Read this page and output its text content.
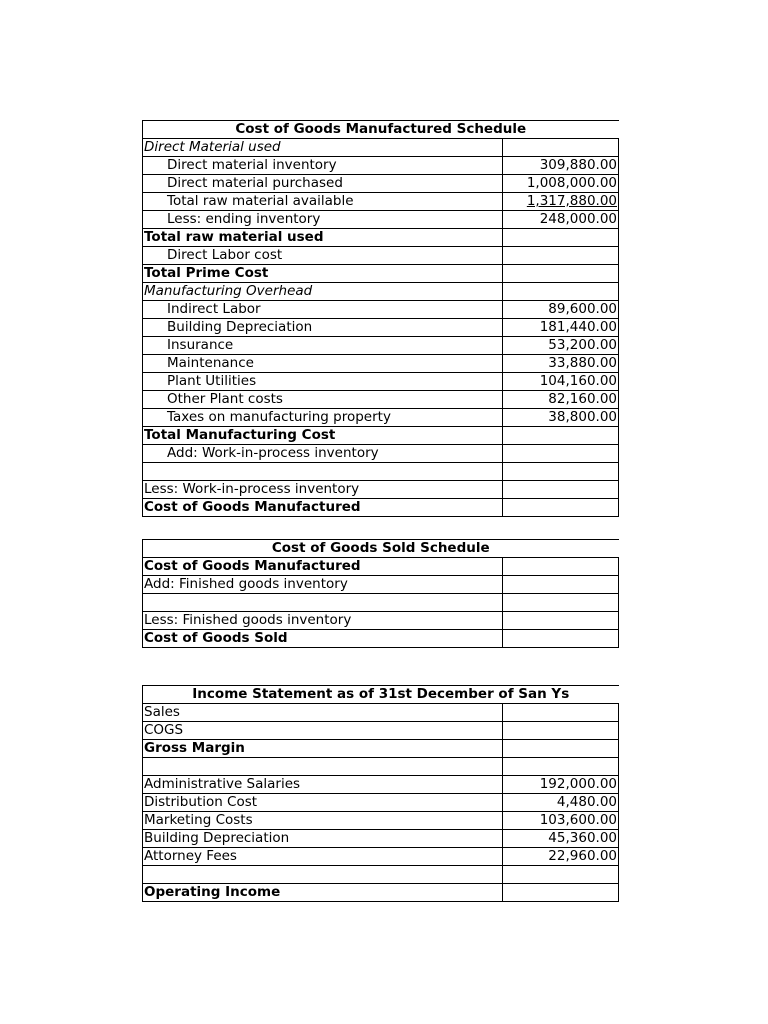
Cost of Goods Manufactured Schedule	
Direct Material used	
Direct material inventory	309,880.00
Direct material purchased	1,008,000.00
Total raw material available	1,317,880.00
Less: ending inventory	248,000.00
Total raw material used	
Direct Labor cost	
Total Prime Cost	
Manufacturing Overhead	
Indirect Labor	89,600.00
Building Depreciation	181,440.00
Insurance	53,200.00
Maintenance	33,880.00
Plant Utilities	104,160.00
Other Plant costs	82,160.00
Taxes on manufacturing property	38,800.00
Total Manufacturing Cost	
Add: Work-in-process inventory	

Less: Work-in-process inventory	
Cost of Goods Manufactured	
Cost of Goods Sold Schedule	
Cost of Goods Manufactured	
Add: Finished goods inventory	

Less: Finished goods inventory	
Cost of Goods Sold	
Income Statement as of 31st December of San Ys	
Sales	
COGS	
Gross Margin	

Administrative Salaries	192,000.00
Distribution Cost	4,480.00
Marketing Costs	103,600.00
Building Depreciation	45,360.00
Attorney Fees	22,960.00

Operating Income	
